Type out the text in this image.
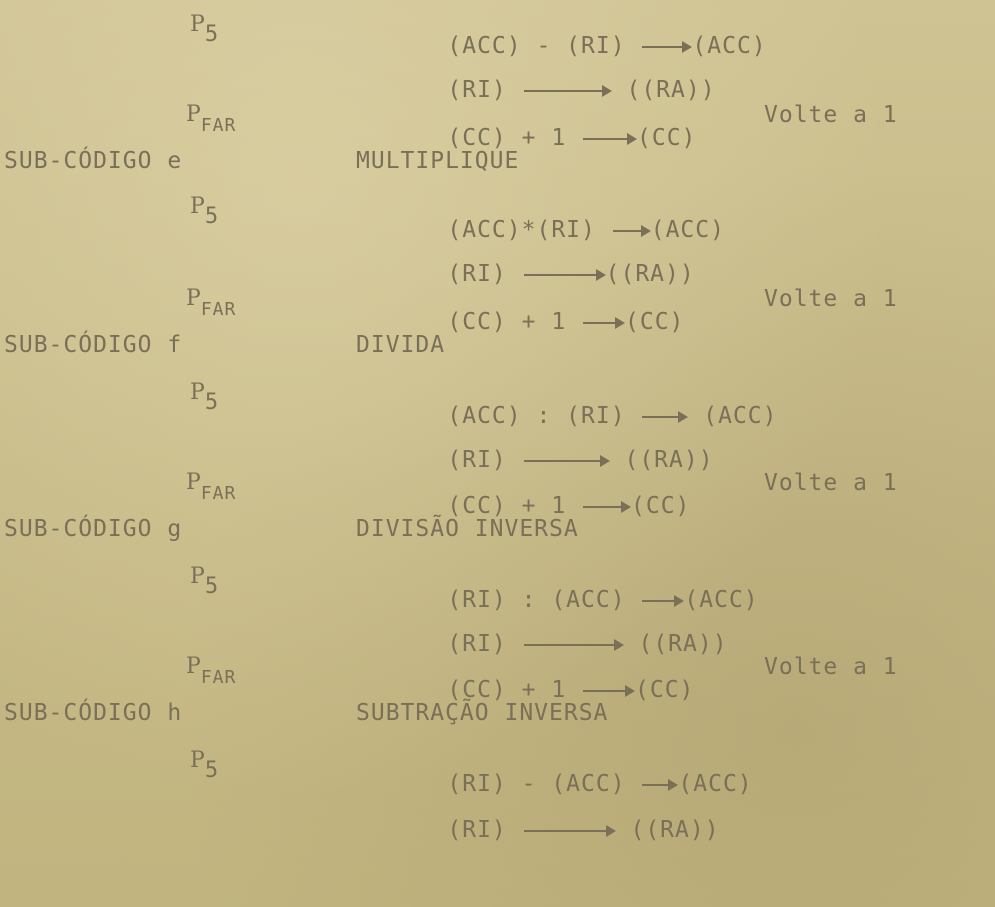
P5	(ACC) - (RI) (ACC)

(RI)	((RA))

$P_{FAR}$	(CC) + 1 (CC)

Volte a 1
SUB-CÓDIGO e	MULTIPLIQUE
P5

(ACC)*(RI) (ACC)

(RI)	((RA))

$P_{FAR}$	(CC) + 1 (CC)

Volte a 1
SUB-CÓDIGO f	DIVIDA
P5

(ACC) : (RI)  (ACC)

(RI)	((RA))

$P_{FAR}$	(CC) + 1 (CC)

Volte a 1
SUB-CÓDIGO g	DIVISÃO INVERSA
P5

(RI) : (ACC) (ACC)

(RI)	((RA))

$P_{FAR}$	(CC) + 1 (CC)

Volte a 1
SUB-CÓDIGO h	SUBTRAÇÃO INVERSA
P5

(RI) - (ACC) (ACC)

(RI)	((RA))
